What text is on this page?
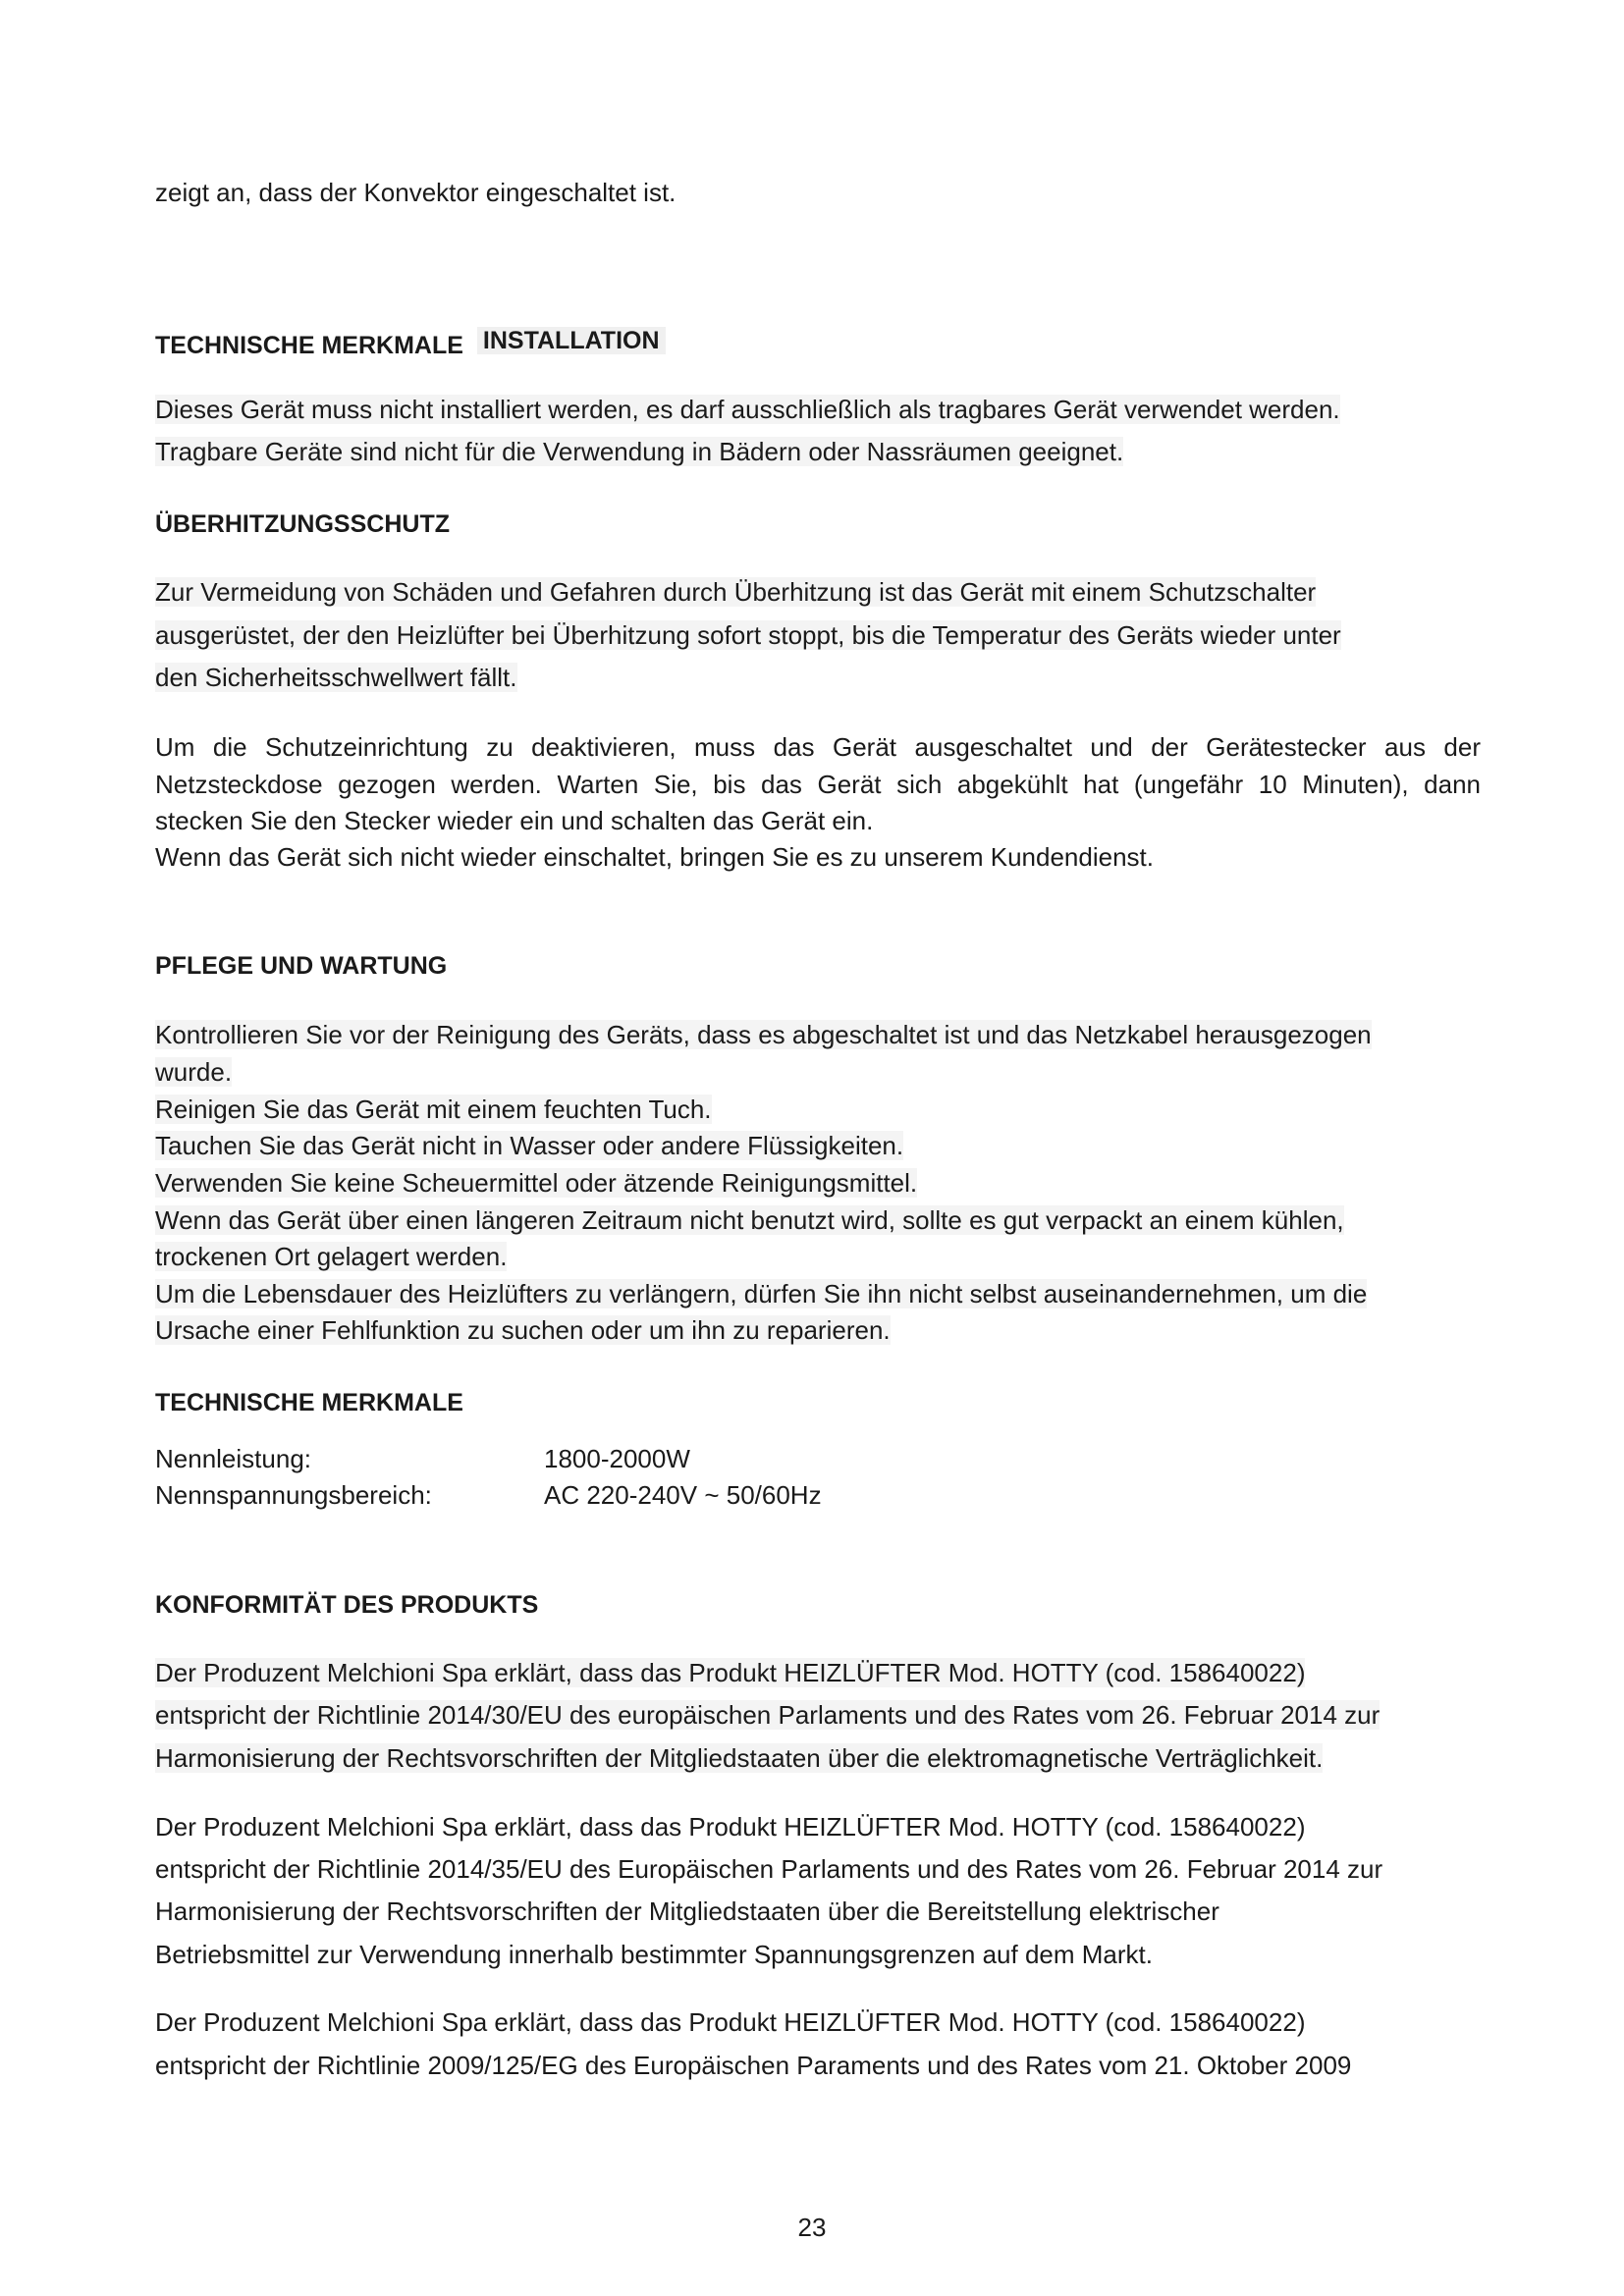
zeigt an, dass der Konvektor eingeschaltet ist.
TECHNISCHE MERKMALE INSTALLATION
Dieses Gerät muss nicht installiert werden, es darf ausschließlich als tragbares Gerät verwendet werden.
Tragbare Geräte sind nicht für die Verwendung in Bädern oder Nassräumen geeignet.
ÜBERHITZUNGSSCHUTZ
Zur Vermeidung von Schäden und Gefahren durch Überhitzung ist das Gerät mit einem Schutzschalter
ausgerüstet, der den Heizlüfter bei Überhitzung sofort stoppt, bis die Temperatur des Geräts wieder unter
den Sicherheitsschwellwert fällt.
Um die Schutzeinrichtung zu deaktivieren, muss das Gerät ausgeschaltet und der Gerätestecker aus der
Netzsteckdose gezogen werden. Warten Sie, bis das Gerät sich abgekühlt hat (ungefähr 10 Minuten), dann
stecken Sie den Stecker wieder ein und schalten das Gerät ein.
Wenn das Gerät sich nicht wieder einschaltet, bringen Sie es zu unserem Kundendienst.
PFLEGE UND WARTUNG
Kontrollieren Sie vor der Reinigung des Geräts, dass es abgeschaltet ist und das Netzkabel herausgezogen
wurde.
Reinigen Sie das Gerät mit einem feuchten Tuch.
Tauchen Sie das Gerät nicht in Wasser oder andere Flüssigkeiten.
Verwenden Sie keine Scheuermittel oder ätzende Reinigungsmittel.
Wenn das Gerät über einen längeren Zeitraum nicht benutzt wird, sollte es gut verpackt an einem kühlen,
trockenen Ort gelagert werden.
Um die Lebensdauer des Heizlüfters zu verlängern, dürfen Sie ihn nicht selbst auseinandernehmen, um die
Ursache einer Fehlfunktion zu suchen oder um ihn zu reparieren.
TECHNISCHE MERKMALE
Nennleistung:	1800-2000W
Nennspannungsbereich:	AC 220-240V ~ 50/60Hz
KONFORMITÄT DES PRODUKTS
Der Produzent Melchioni Spa erklärt, dass das Produkt HEIZLÜFTER Mod. HOTTY (cod. 158640022)
entspricht der Richtlinie 2014/30/EU des europäischen Parlaments und des Rates vom 26. Februar 2014 zur
Harmonisierung der Rechtsvorschriften der Mitgliedstaaten über die elektromagnetische Verträglichkeit.
Der Produzent Melchioni Spa erklärt, dass das Produkt HEIZLÜFTER Mod. HOTTY (cod. 158640022)
entspricht der Richtlinie 2014/35/EU des Europäischen Parlaments und des Rates vom 26. Februar 2014 zur
Harmonisierung der Rechtsvorschriften der Mitgliedstaaten über die Bereitstellung elektrischer
Betriebsmittel zur Verwendung innerhalb bestimmter Spannungsgrenzen auf dem Markt.
Der Produzent Melchioni Spa erklärt, dass das Produkt HEIZLÜFTER Mod. HOTTY (cod. 158640022)
entspricht der Richtlinie 2009/125/EG des Europäischen Paraments und des Rates vom 21. Oktober 2009
23
